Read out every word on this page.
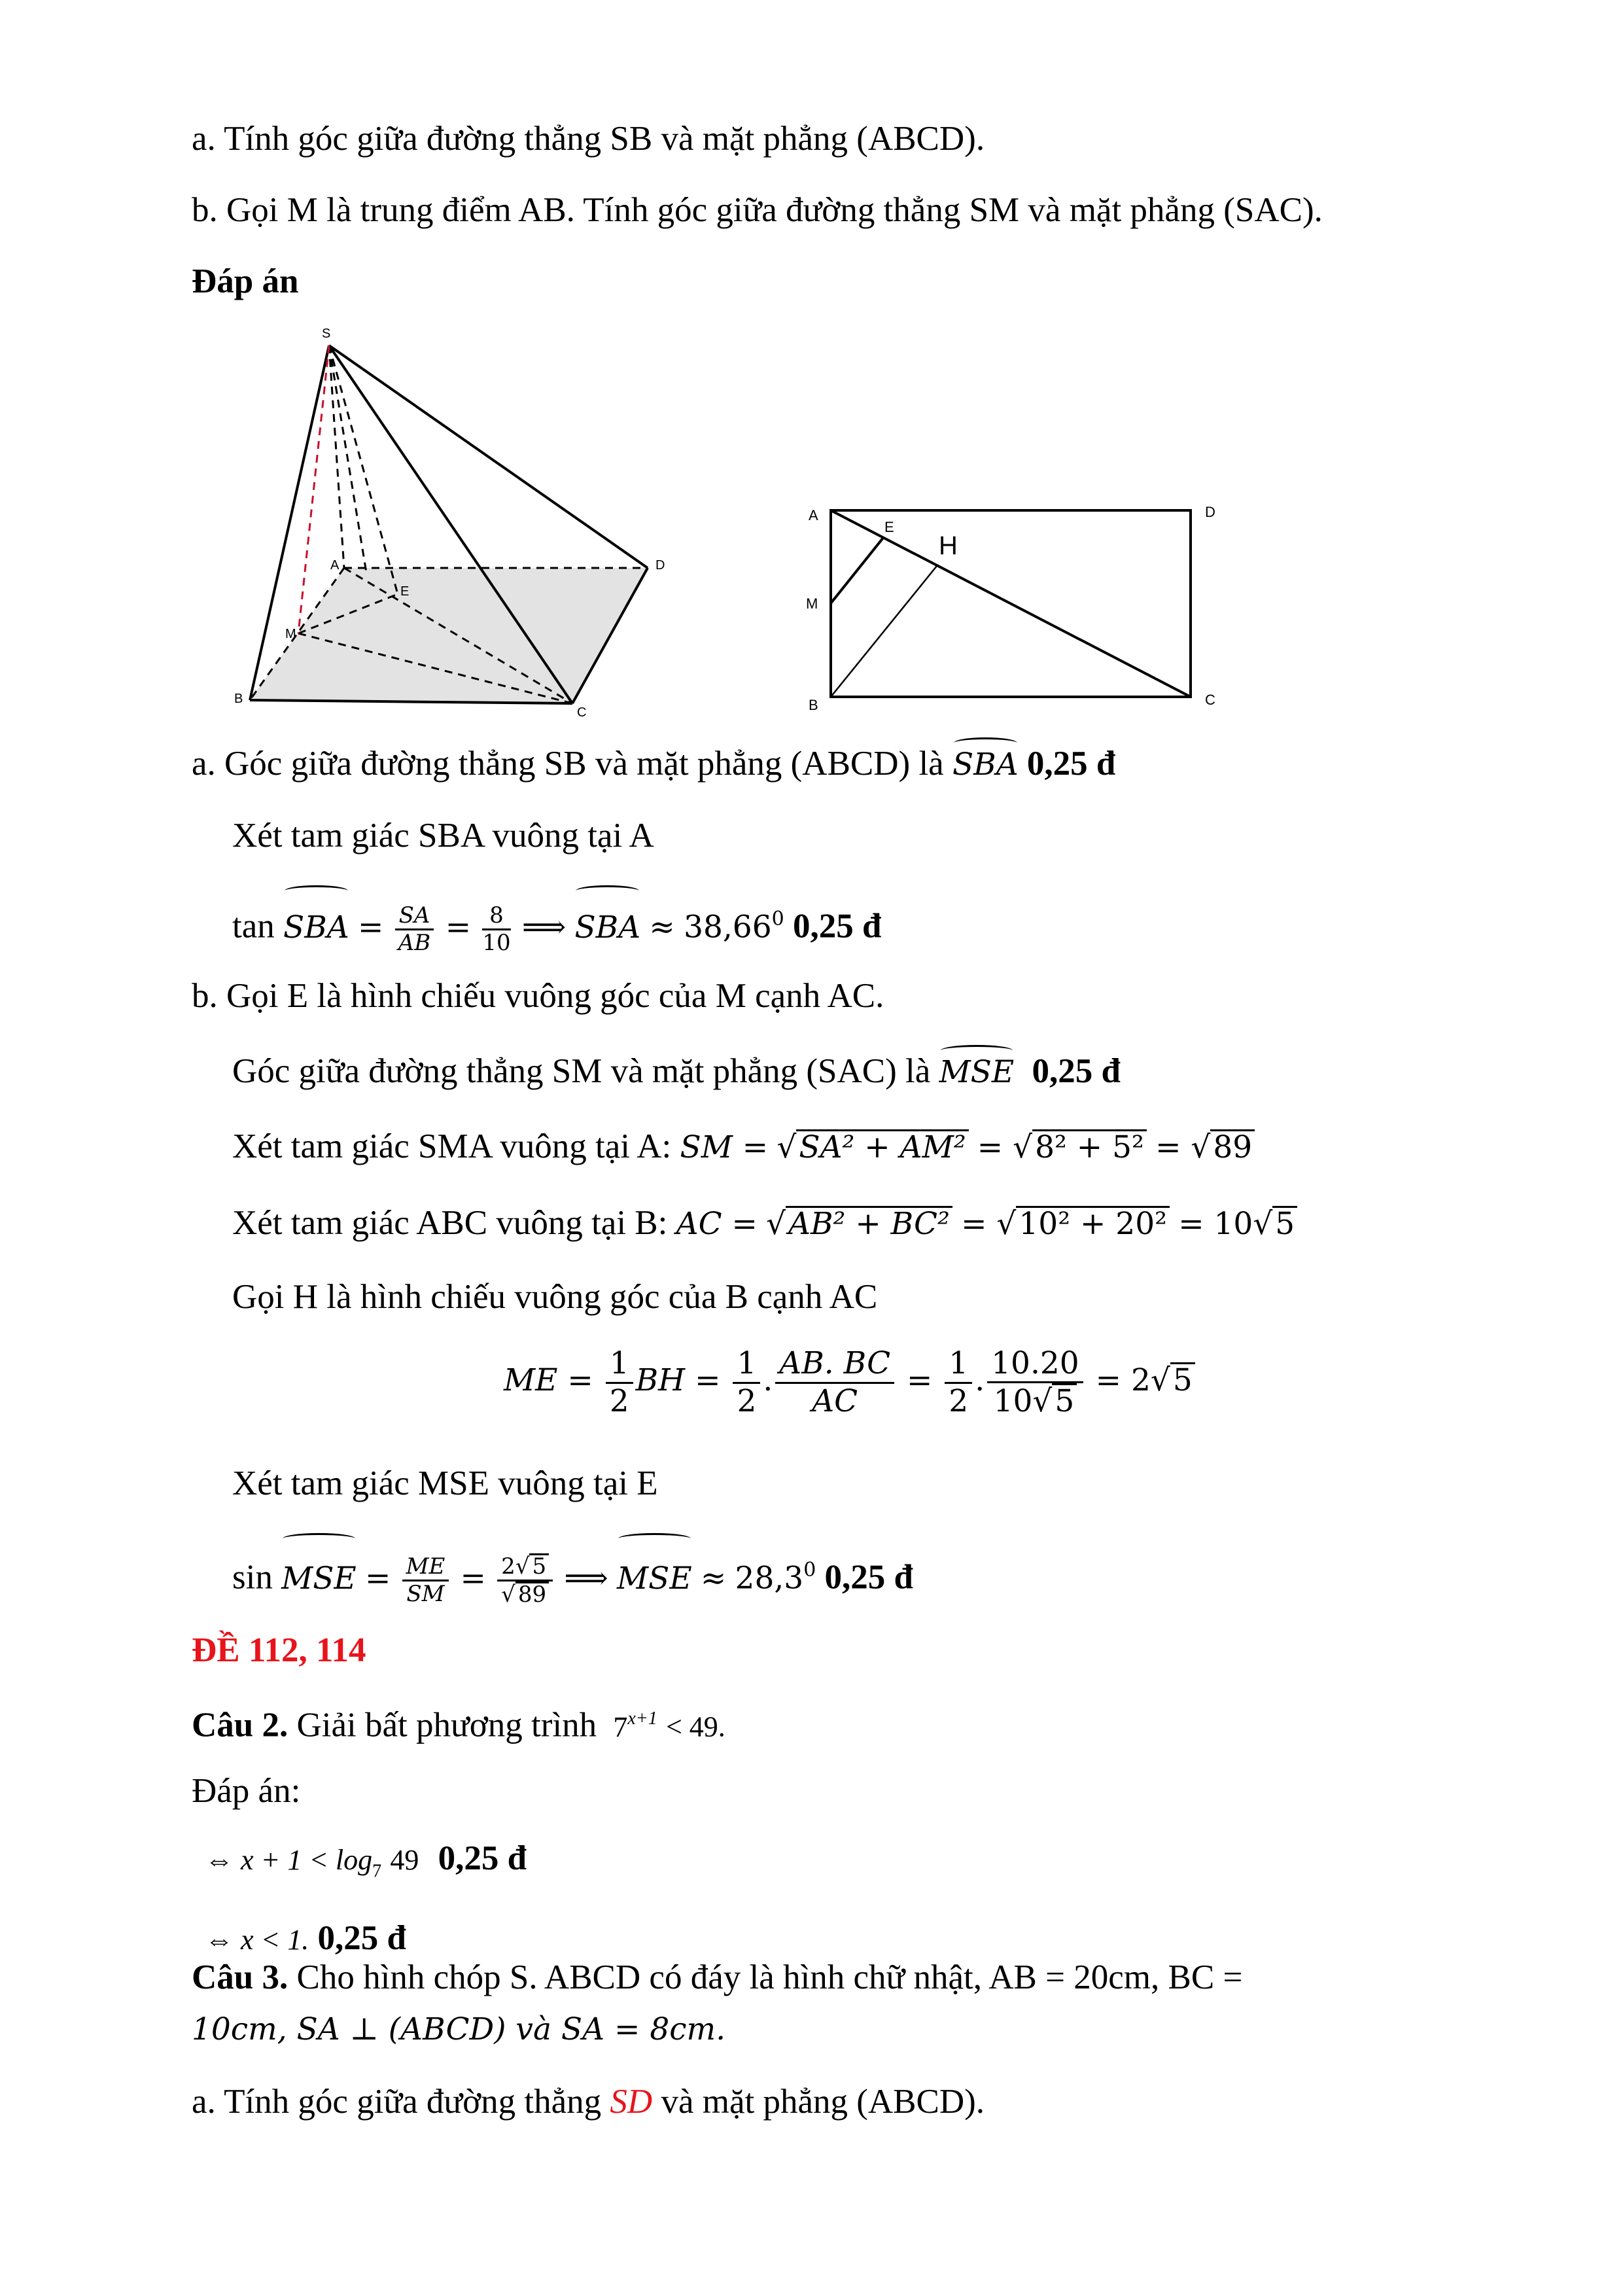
a. Tính góc giữa đường thẳng SB và mặt phẳng (ABCD).
b. Gọi M là trung điểm AB. Tính góc giữa đường thẳng SM và mặt phẳng (SAC).
Đáp án
S
A	D
B
C
M
E
A	D
B	C
M
E
H
a. Góc giữa đường thẳng SB và mặt phẳng (ABCD) là SBA 0,25 đ
Xét tam giác SBA vuông tại A
tan SBA = $\frac{SA}{AB} = \frac{8}{10}$ ⟹ SBA ≈ $38,66^0$ 0,25 đ
b. Gọi E là hình chiếu vuông góc của M cạnh AC.
Góc giữa đường thẳng SM và mặt phẳng (SAC) là MSE 0,25 đ
Xét tam giác SMA vuông tại A: SM = √SA² + AM² = √8² + 5² = √89
Xét tam giác ABC vuông tại B: AC = √AB² + BC² = √10² + 20² = 10√5
Gọi H là hình chiếu vuông góc của B cạnh AC
ME = $\frac{1}{2}$ BH = $\frac{1}{2}$ . $\frac{AB. BC}{AC} = \frac{1}{2}$ . $\frac{10.20}{10√5} = 2√5$
Xét tam giác MSE vuông tại E
sin MSE = $\frac{ME}{SM} = \frac{2√ 5}{√ 89}$ ⟹ MSE ≈ $28,3^0$ 0,25 đ
ĐỀ 112, 114
Câu 2. Giải bất phương trình $7^{x+1} < 49$.
Đáp án:
⇔ $x + 1 < \log_7 49$ 0,25 đ
⇔ x < 1. 0,25 đ
Câu 3. Cho hình chóp S. ABCD có đáy là hình chữ nhật, AB = 20cm, BC =
10cm, SA ⊥ (ABCD) và SA = 8cm.
a. Tính góc giữa đường thẳng SD và mặt phẳng (ABCD).
